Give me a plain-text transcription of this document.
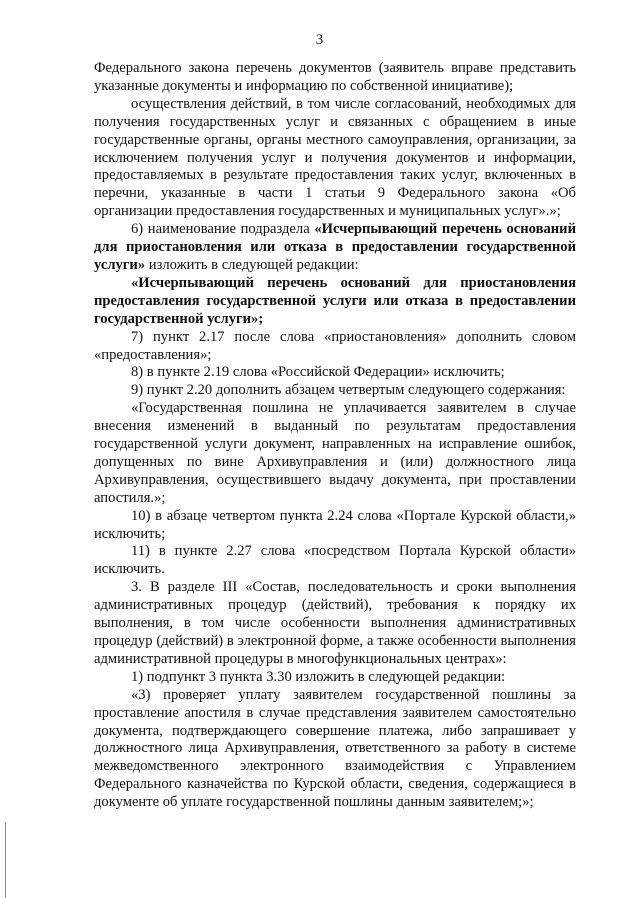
3

Федерального закона перечень документов (заявитель вправе представить указанные документы и информацию по собственной инициативе);

осуществления действий, в том числе согласований, необходимых для получения государственных услуг и связанных с обращением в иные государственные органы, органы местного самоуправления, организации, за исключением получения услуг и получения документов и информации, предоставляемых в результате предоставления таких услуг, включенных в перечни, указанные в части 1 статьи 9 Федерального закона «Об организации предоставления государственных и муниципальных услуг».»;

6) наименование подраздела «Исчерпывающий перечень оснований для приостановления или отказа в предоставлении государственной услуги» изложить в следующей редакции:

«Исчерпывающий перечень оснований для приостановления предоставления государственной услуги или отказа в предоставлении государственной услуги»;

7) пункт 2.17 после слова «приостановления» дополнить словом «предоставления»;

8) в пункте 2.19 слова «Российской Федерации» исключить;

9) пункт 2.20 дополнить абзацем четвертым следующего содержания:

«Государственная пошлина не уплачивается заявителем в случае внесения изменений в выданный по результатам предоставления государственной услуги документ, направленных на исправление ошибок, допущенных по вине Архивуправления и (или) должностного лица Архивуправления, осуществившего выдачу документа, при проставлении апостиля.»;

10) в абзаце четвертом пункта 2.24 слова «Портале Курской области,» исключить;

11) в пункте 2.27 слова «посредством Портала Курской области» исключить.

3. В разделе III «Состав, последовательность и сроки выполнения административных процедур (действий), требования к порядку их выполнения, в том числе особенности выполнения административных процедур (действий) в электронной форме, а также особенности выполнения административной процедуры в многофункциональных центрах»:

1) подпункт 3 пункта 3.30 изложить в следующей редакции:

«3) проверяет уплату заявителем государственной пошлины за проставление апостиля в случае представления заявителем самостоятельно документа, подтверждающего совершение платежа, либо запрашивает у должностного лица Архивуправления, ответственного за работу в системе межведомственного электронного взаимодействия с Управлением Федерального казначейства по Курской области, сведения, содержащиеся в документе об уплате государственной пошлины данным заявителем;»;
